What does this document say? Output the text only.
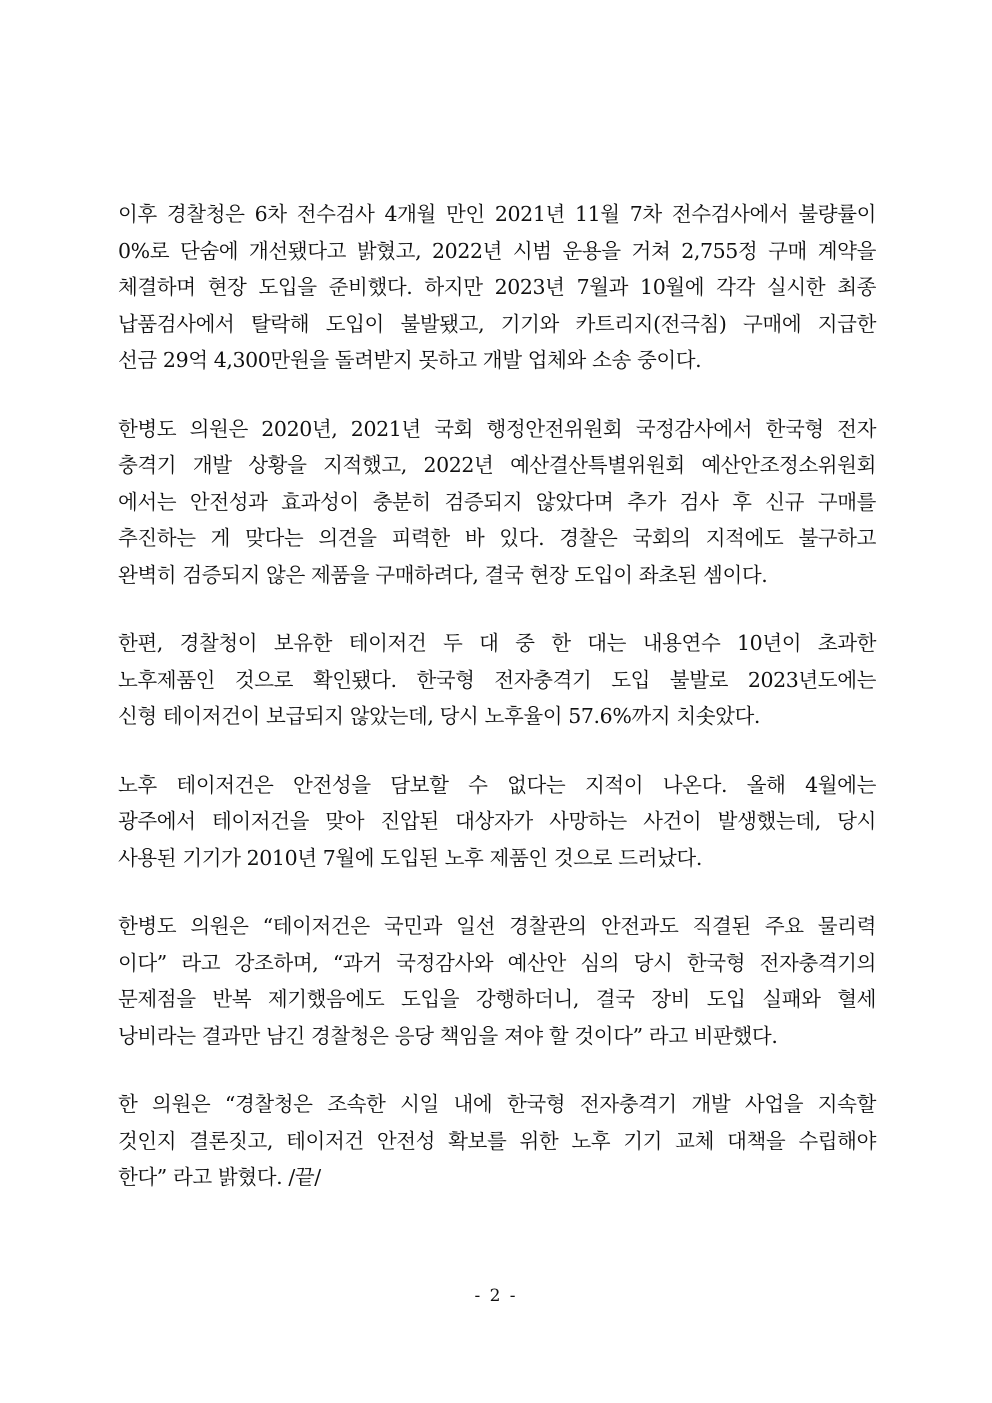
이후 경찰청은 6차 전수검사 4개월 만인 2021년 11월 7차 전수검사에서 불량률이
0%로 단숨에 개선됐다고 밝혔고, 2022년 시범 운용을 거쳐 2,755정 구매 계약을
체결하며 현장 도입을 준비했다. 하지만 2023년 7월과 10월에 각각 실시한 최종
납품검사에서 탈락해 도입이 불발됐고, 기기와 카트리지(전극침) 구매에 지급한
선금 29억 4,300만원을 돌려받지 못하고 개발 업체와 소송 중이다.

한병도 의원은 2020년, 2021년 국회 행정안전위원회 국정감사에서 한국형 전자
충격기 개발 상황을 지적했고, 2022년 예산결산특별위원회 예산안조정소위원회
에서는 안전성과 효과성이 충분히 검증되지 않았다며 추가 검사 후 신규 구매를
추진하는 게 맞다는 의견을 피력한 바 있다. 경찰은 국회의 지적에도 불구하고
완벽히 검증되지 않은 제품을 구매하려다, 결국 현장 도입이 좌초된 셈이다.

한편, 경찰청이 보유한 테이저건 두 대 중 한 대는 내용연수 10년이 초과한
노후제품인 것으로 확인됐다. 한국형 전자충격기 도입 불발로 2023년도에는
신형 테이저건이 보급되지 않았는데, 당시 노후율이 57.6%까지 치솟았다.

노후 테이저건은 안전성을 담보할 수 없다는 지적이 나온다. 올해 4월에는
광주에서 테이저건을 맞아 진압된 대상자가 사망하는 사건이 발생했는데, 당시
사용된 기기가 2010년 7월에 도입된 노후 제품인 것으로 드러났다.

한병도 의원은 “테이저건은 국민과 일선 경찰관의 안전과도 직결된 주요 물리력
이다” 라고 강조하며, “과거 국정감사와 예산안 심의 당시 한국형 전자충격기의
문제점을 반복 제기했음에도 도입을 강행하더니, 결국 장비 도입 실패와 혈세
낭비라는 결과만 남긴 경찰청은 응당 책임을 져야 할 것이다” 라고 비판했다.

한 의원은 “경찰청은 조속한 시일 내에 한국형 전자충격기 개발 사업을 지속할
것인지 결론짓고, 테이저건 안전성 확보를 위한 노후 기기 교체 대책을 수립해야
한다” 라고 밝혔다. /끝/

- 2 -
